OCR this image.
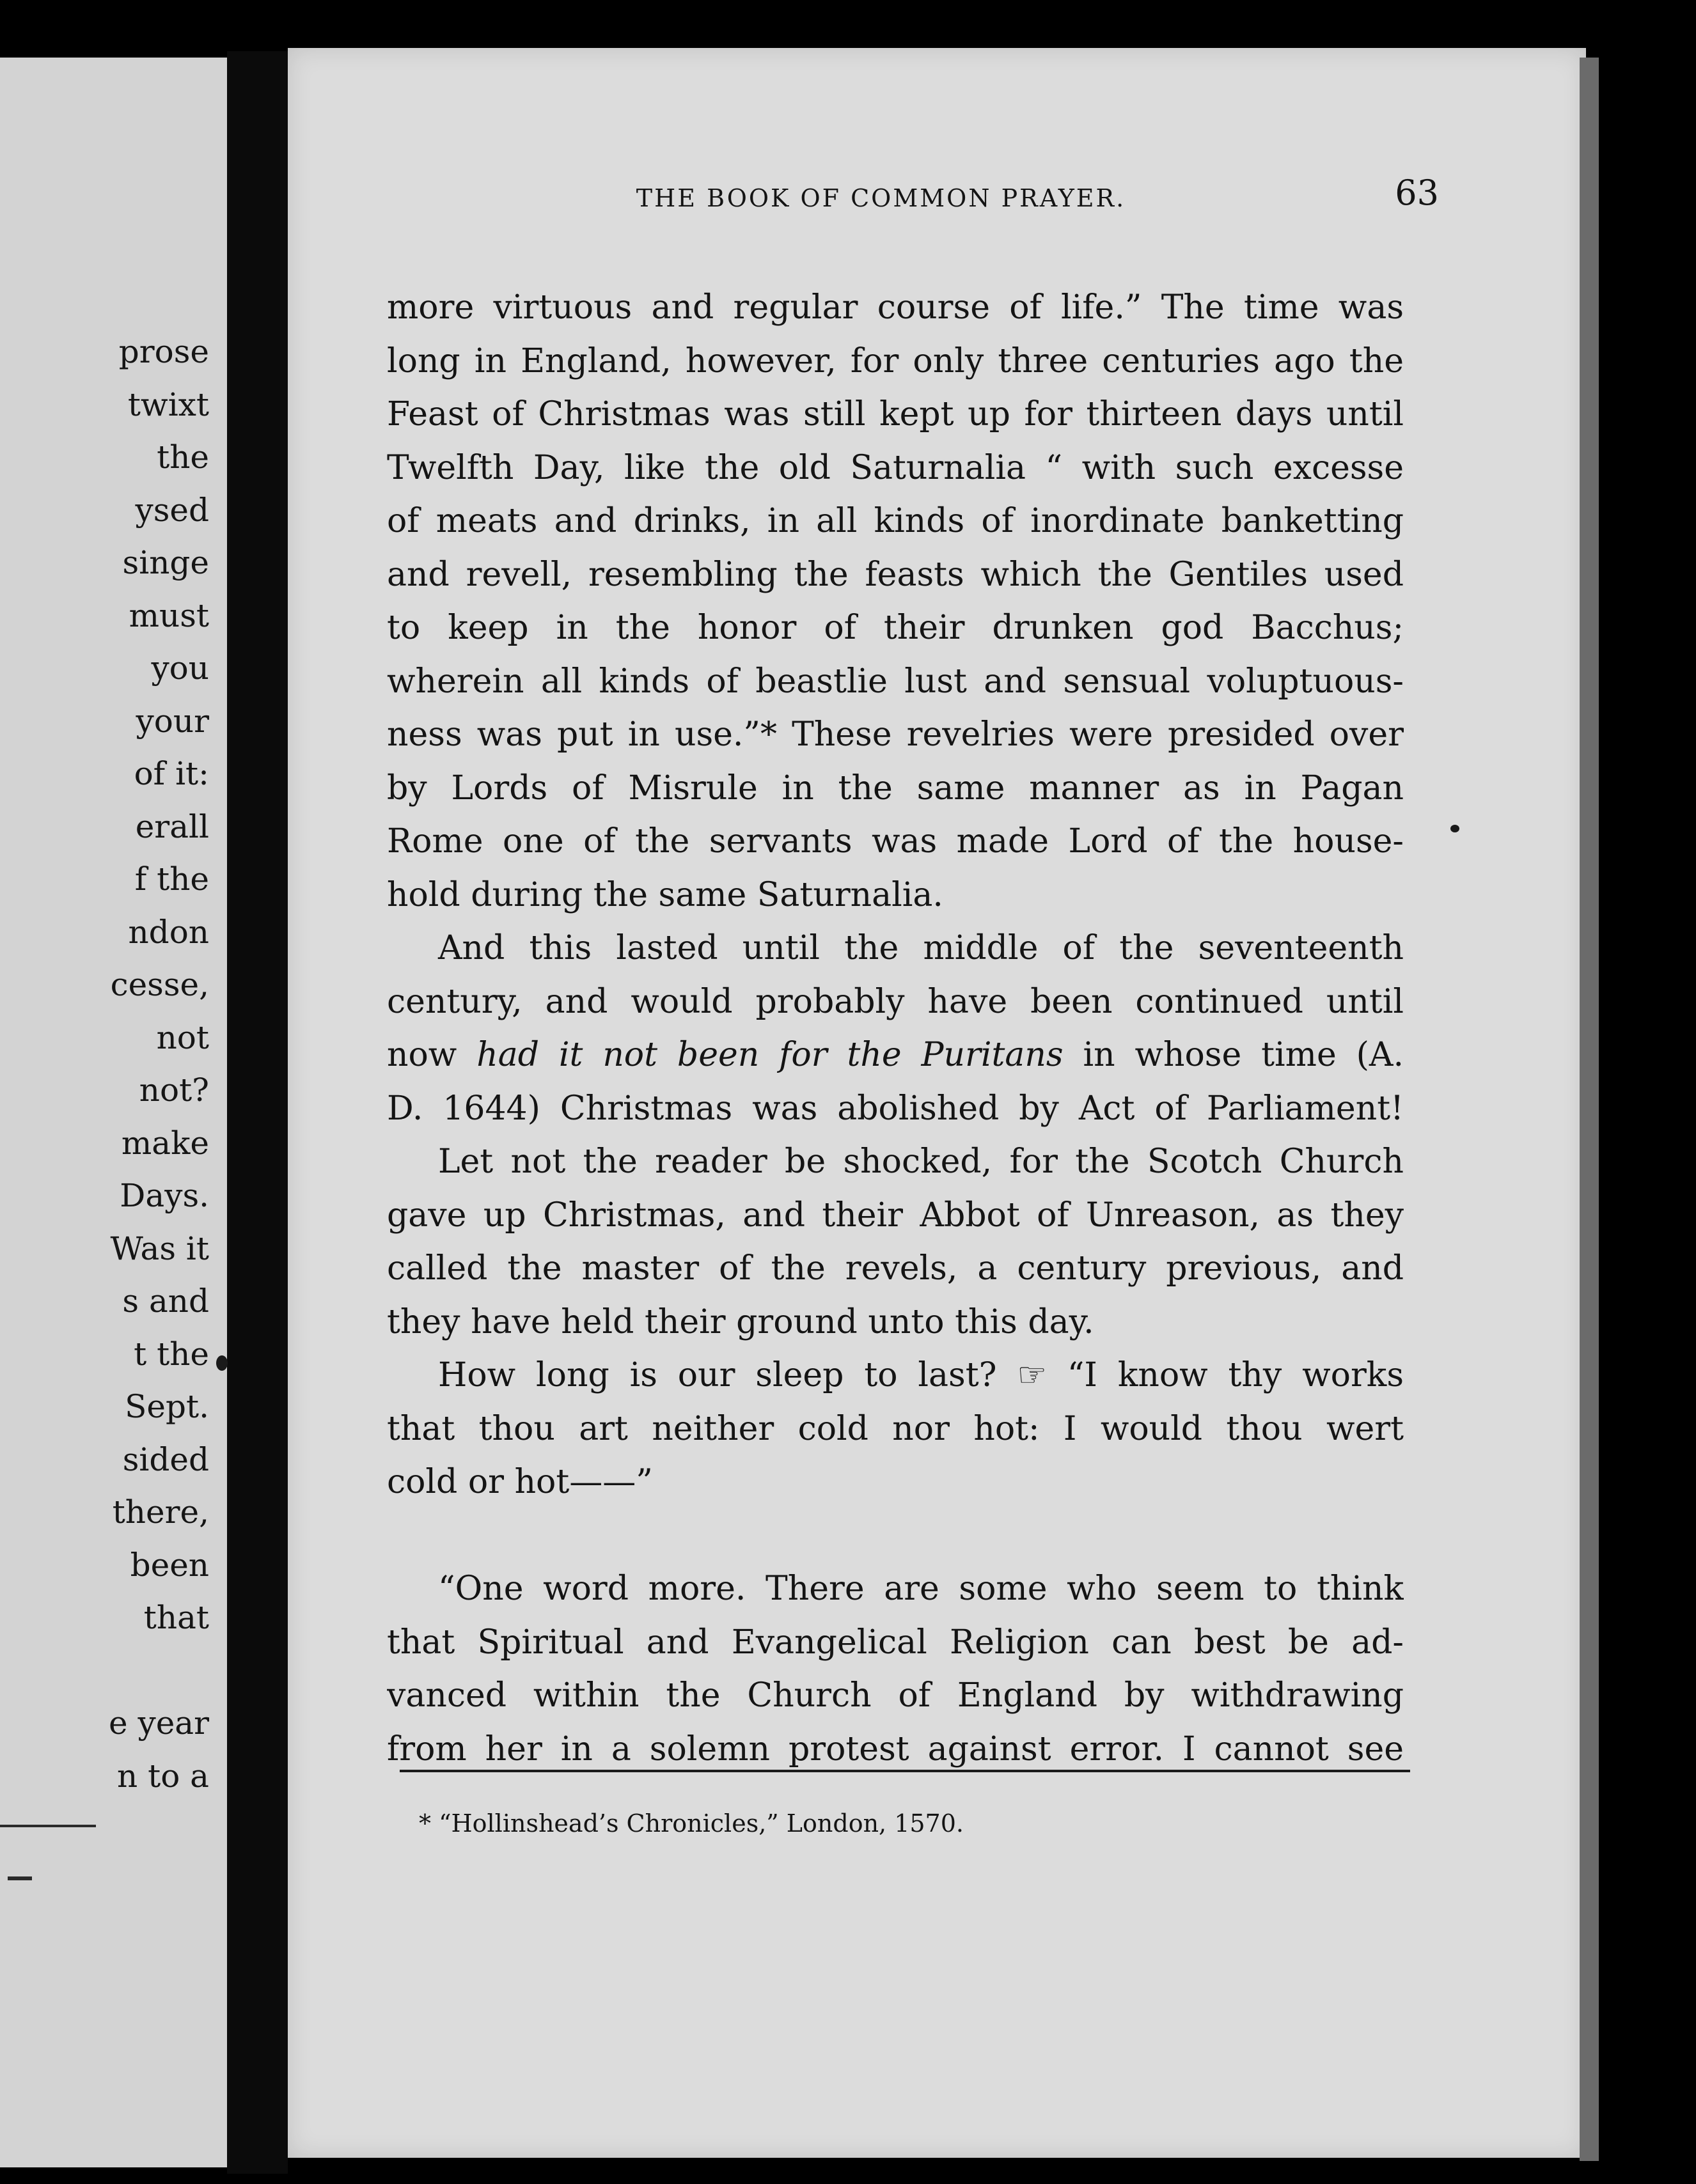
prose
twixt
the
ysed
singe
must
you
your
of it:
erall
f the
ndon
cesse,
not
not?
make
Days.
Was it
s and
t the
Sept.
sided
there,
been
that
e year
n to a
THE BOOK OF COMMON PRAYER.	63
more virtuous and regular course of life.” The time was
long in England, however, for only three centuries ago the
Feast of Christmas was still kept up for thirteen days until
Twelfth Day, like the old Saturnalia “ with such excesse
of meats and drinks, in all kinds of inordinate banketting
and revell, resembling the feasts which the Gentiles used
to keep in the honor of their drunken god Bacchus;
wherein all kinds of beastlie lust and sensual voluptuous-
ness was put in use.”* These revelries were presided over
by Lords of Misrule in the same manner as in Pagan
Rome one of the servants was made Lord of the house-
hold during the same Saturnalia.
And this lasted until the middle of the seventeenth
century, and would probably have been continued until
now had it not been for the Puritans in whose time (A.
D. 1644) Christmas was abolished by Act of Parliament!
Let not the reader be shocked, for the Scotch Church
gave up Christmas, and their Abbot of Unreason, as they
called the master of the revels, a century previous, and
they have held their ground unto this day.
How long is our sleep to last? ☞ “I know thy works
that thou art neither cold nor hot: I would thou wert
cold or hot——”
“One word more. There are some who seem to think
that Spiritual and Evangelical Religion can best be ad-
vanced within the Church of England by withdrawing
from her in a solemn protest against error. I cannot see
* “Hollinshead’s Chronicles,” London, 1570.
